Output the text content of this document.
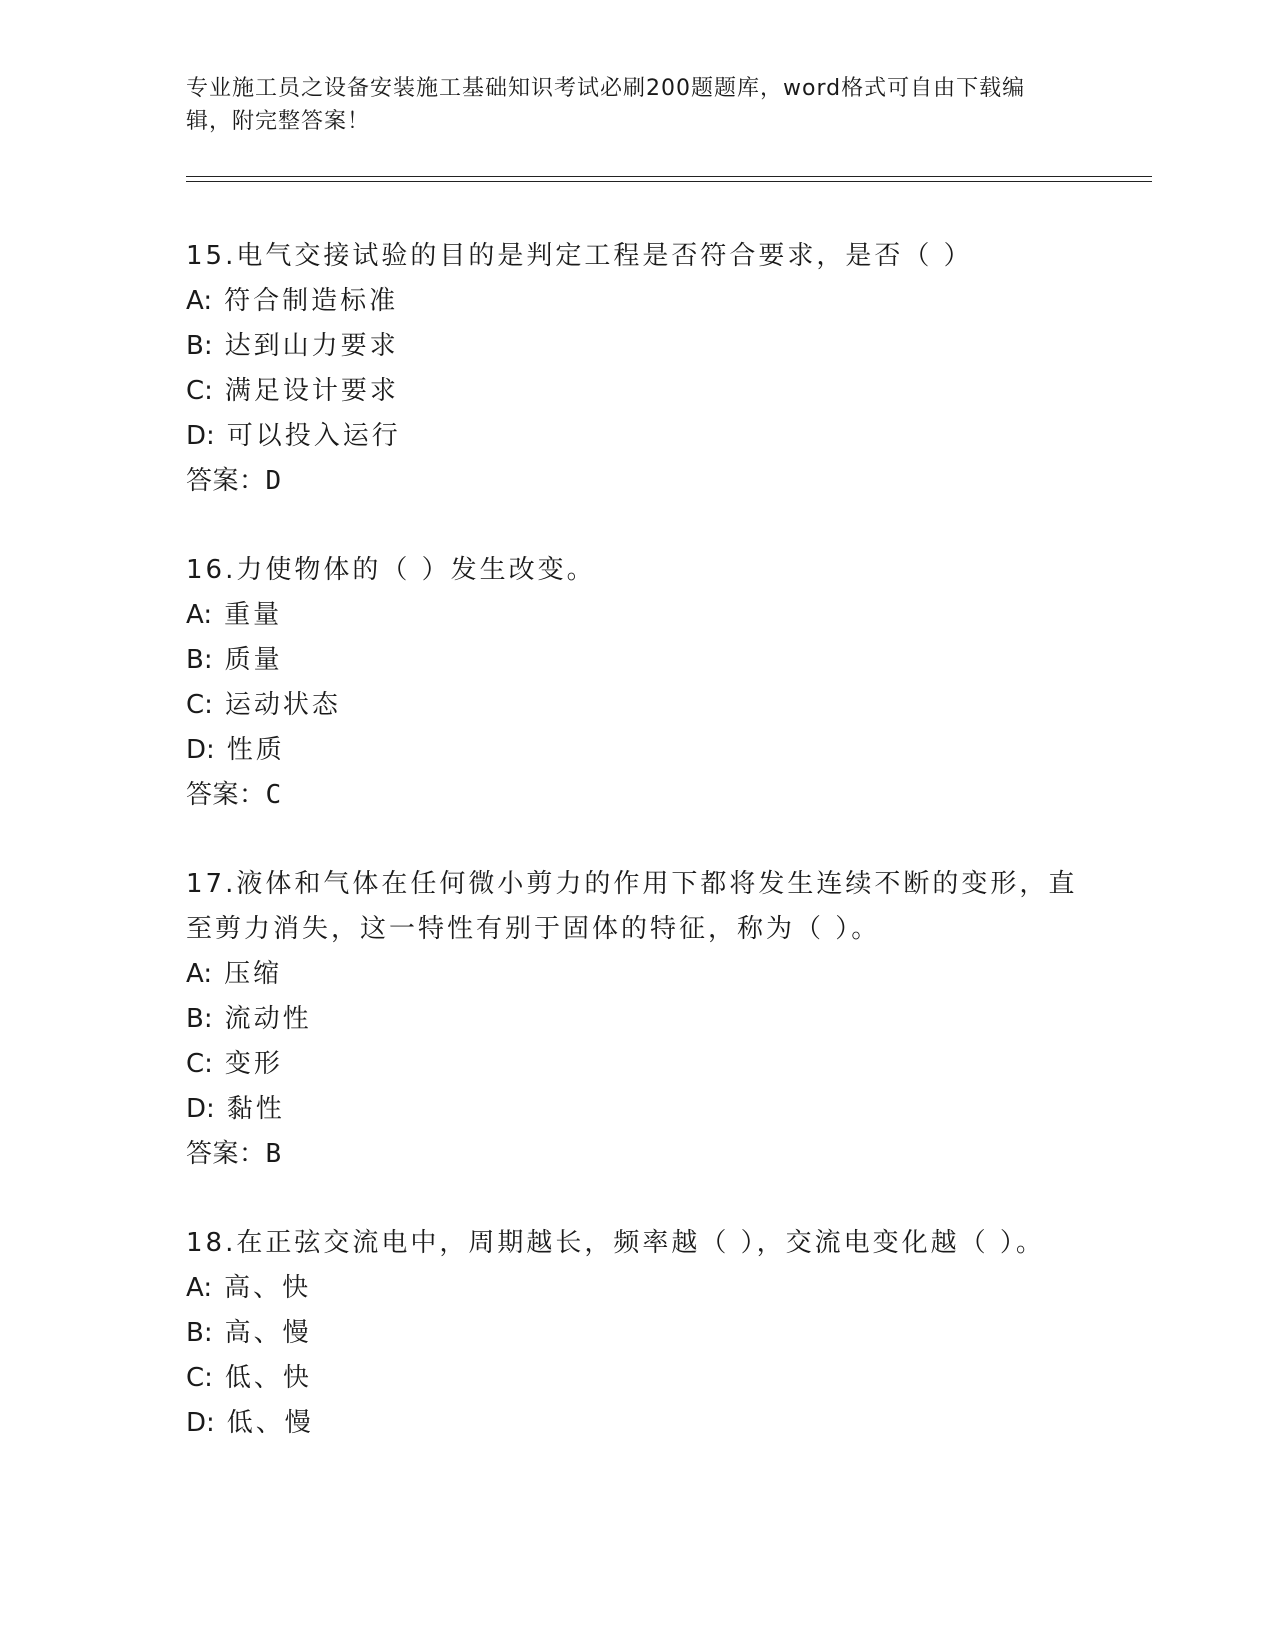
专业施工员之设备安装施工基础知识考试必刷200题题库，word格式可自由下载编辑，附完整答案！

15.电气交接试验的目的是判定工程是否符合要求，是否（ ）

A: 符合制造标准

B: 达到山力要求

C: 满足设计要求

D: 可以投入运行

答案：D

16.力使物体的（ ）发生改变。

A: 重量

B: 质量

C: 运动状态

D: 性质

答案：C

17.液体和气体在任何微小剪力的作用下都将发生连续不断的变形，直至剪力消失，这一特性有别于固体的特征，称为（ ）。

A: 压缩

B: 流动性

C: 变形

D: 黏性

答案：B

18.在正弦交流电中，周期越长，频率越（ ），交流电变化越（ ）。

A: 高、快

B: 高、慢

C: 低、快

D: 低、慢
